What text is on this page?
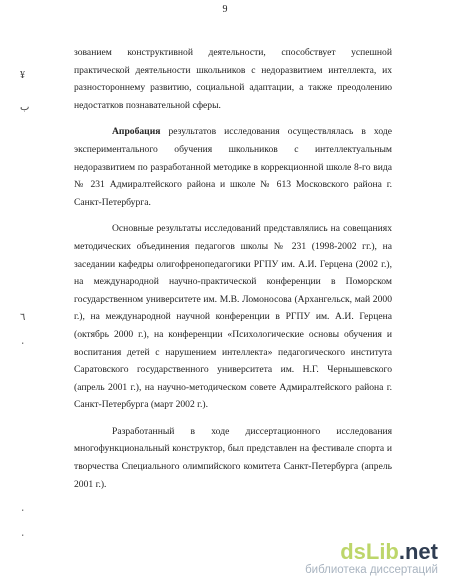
9
¥
ب
٦
٠
٠
٠

зованием конструктивной деятельности, способствует успешной практической деятельности школьников с недоразвитием интеллекта, их разностороннему развитию, социальной адаптации, а также преодолению недостатков познавательной сферы.

Апробация результатов исследования осуществлялась в ходе экспериментального обучения школьников с интеллектуальным недоразвитием по разработанной методике в коррекционной школе 8-го вида № 231 Адмиралтейского района и школе № 613 Московского района г. Санкт-Петербурга.

Основные результаты исследований представлялись на совещаниях методических объединения педагогов школы № 231 (1998-2002 гг.), на заседании кафедры олигофренопедагогики РГПУ им. А.И. Герцена (2002 г.), на международной научно-практической конференции в Поморском государственном университете им. М.В. Ломоносова (Архангельск, май 2000 г.), на международной научной конференции в РГПУ им. А.И. Герцена (октябрь 2000 г.), на конференции «Психологические основы обучения и воспитания детей с нарушением интеллекта» педагогического института Саратовского государственного университета им. Н.Г. Чернышевского (апрель 2001 г.), на научно-методическом совете Адмиралтейского района г. Санкт-Петербурга (март 2002 г.).

Разработанный в ходе диссертационного исследования многофункциональный конструктор, был представлен на фестивале спорта и творчества Специального олимпийского комитета Санкт-Петербурга (апрель 2001 г.).

dsLib.net
библиотека диссертаций
